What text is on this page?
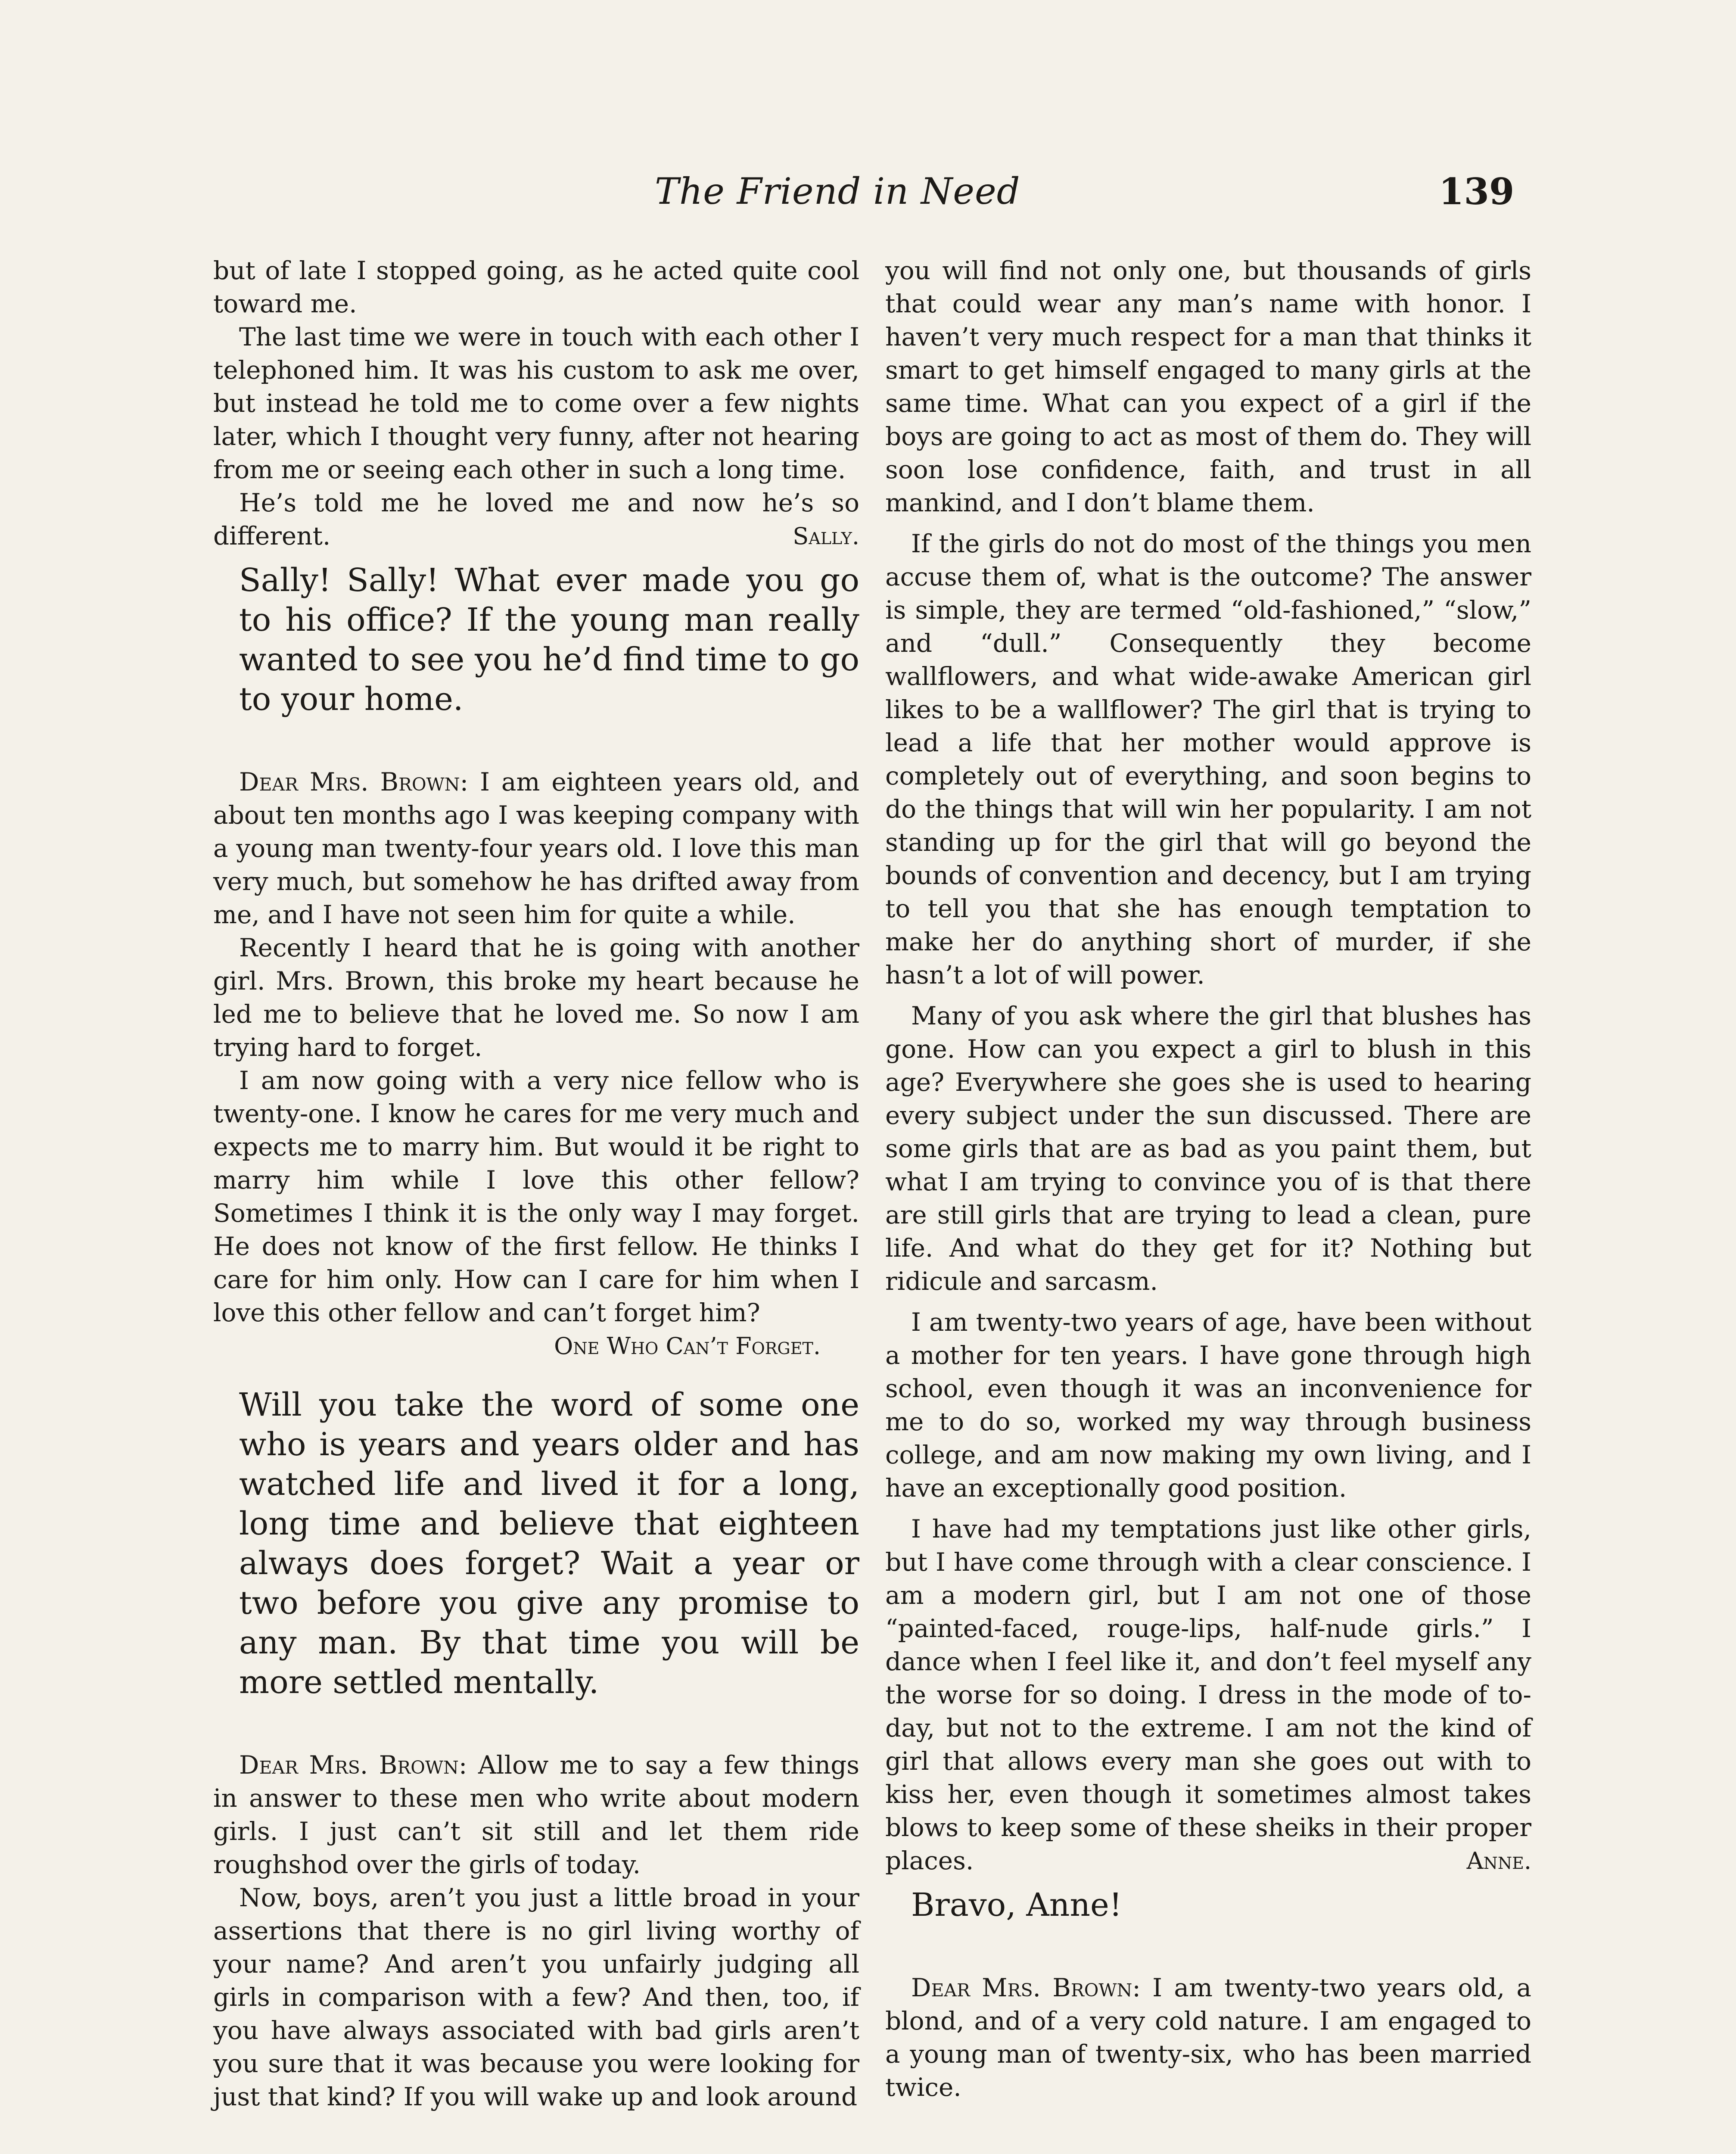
The Friend in Need	139

but of late I stopped going, as he acted quite cool toward me.

The last time we were in touch with each other I telephoned him. It was his custom to ask me over, but instead he told me to come over a few nights later, which I thought very funny, after not hearing from me or seeing each other in such a long time.

He’s told me he loved me and now he’s so different.	Sally.

Sally! Sally! What ever made you go to his office? If the young man really wanted to see you he’d find time to go to your home.

Dear Mrs. Brown: I am eighteen years old, and about ten months ago I was keeping company with a young man twenty-four years old. I love this man very much, but somehow he has drifted away from me, and I have not seen him for quite a while.

Recently I heard that he is going with another girl. Mrs. Brown, this broke my heart because he led me to believe that he loved me. So now I am trying hard to forget.

I am now going with a very nice fellow who is twenty-one. I know he cares for me very much and expects me to marry him. But would it be right to marry him while I love this other fellow? Sometimes I think it is the only way I may forget. He does not know of the first fellow. He thinks I care for him only. How can I care for him when I love this other fellow and can’t forget him?

One Who Can’t Forget.

Will you take the word of some one who is years and years older and has watched life and lived it for a long, long time and believe that eighteen always does forget? Wait a year or two before you give any promise to any man. By that time you will be more settled mentally.

Dear Mrs. Brown: Allow me to say a few things in answer to these men who write about modern girls. I just can’t sit still and let them ride roughshod over the girls of today.

Now, boys, aren’t you just a little broad in your assertions that there is no girl living worthy of your name? And aren’t you unfairly judging all girls in comparison with a few? And then, too, if you have always associated with bad girls aren’t you sure that it was because you were looking for just that kind? If you will wake up and look around

you will find not only one, but thousands of girls that could wear any man’s name with honor. I haven’t very much respect for a man that thinks it smart to get himself engaged to many girls at the same time. What can you expect of a girl if the boys are going to act as most of them do. They will soon lose confidence, faith, and trust in all mankind, and I don’t blame them.

If the girls do not do most of the things you men accuse them of, what is the outcome? The answer is simple, they are termed “old-fashioned,” “slow,” and “dull.” Consequently they become wallflowers, and what wide-awake American girl likes to be a wallflower? The girl that is trying to lead a life that her mother would approve is completely out of everything, and soon begins to do the things that will win her popularity. I am not standing up for the girl that will go beyond the bounds of convention and decency, but I am trying to tell you that she has enough temptation to make her do anything short of murder, if she hasn’t a lot of will power.

Many of you ask where the girl that blushes has gone. How can you expect a girl to blush in this age? Everywhere she goes she is used to hearing every subject under the sun discussed. There are some girls that are as bad as you paint them, but what I am trying to convince you of is that there are still girls that are trying to lead a clean, pure life. And what do they get for it? Nothing but ridicule and sarcasm.

I am twenty-two years of age, have been without a mother for ten years. I have gone through high school, even though it was an inconvenience for me to do so, worked my way through business college, and am now making my own living, and I have an exceptionally good position.

I have had my temptations just like other girls, but I have come through with a clear conscience. I am a modern girl, but I am not one of those “painted-faced, rouge-lips, half-nude girls.” I dance when I feel like it, and don’t feel myself any the worse for so doing. I dress in the mode of to-day, but not to the extreme. I am not the kind of girl that allows every man she goes out with to kiss her, even though it sometimes almost takes blows to keep some of these sheiks in their proper places.	Anne.

Bravo, Anne!

Dear Mrs. Brown: I am twenty-two years old, a blond, and of a very cold nature. I am engaged to a young man of twenty-six, who has been married twice.
